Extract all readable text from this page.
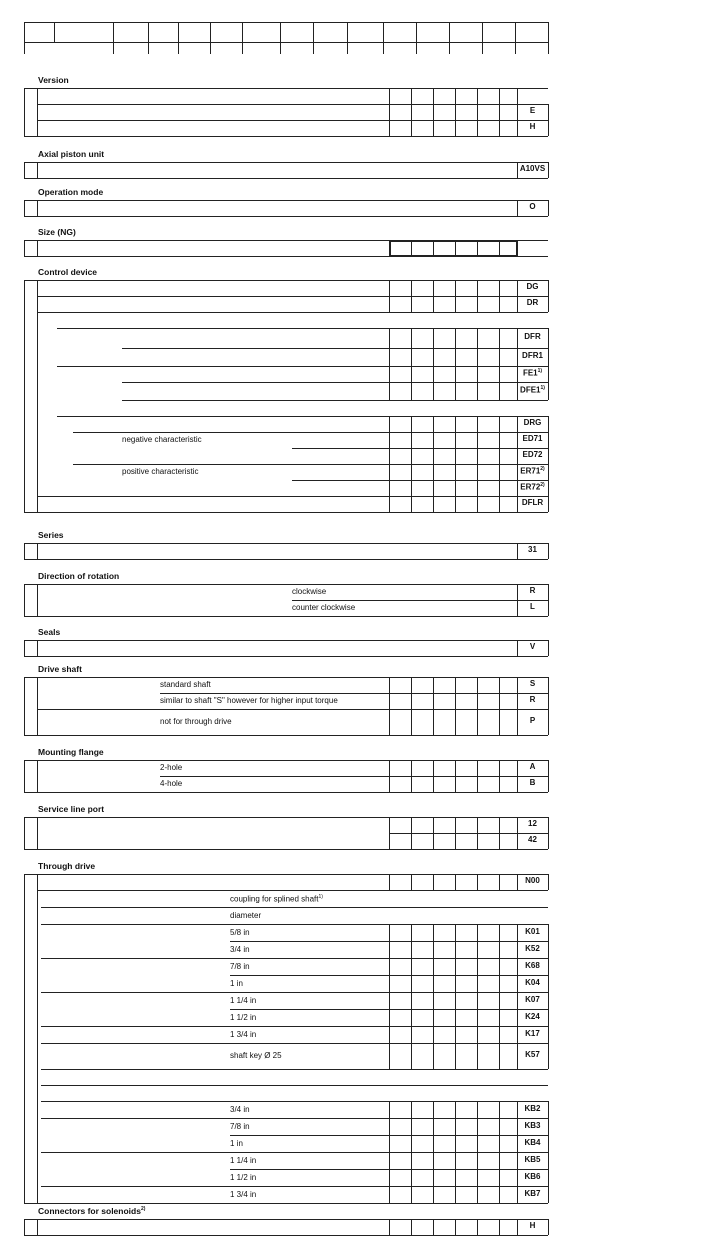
Version
E
H
Axial piston unit
A10VS
Operation mode
O
Size (NG)
Control device
DG
DR
DFR
DFR1
FE1$^{1)}$
DFE1$^{1)}$
DRG
negative characteristic	ED71
ED72
positive characteristic	ER71$^{2)}$
ER72$^{2)}$
DFLR
Series
31
Direction of rotation
clockwise	R
counter clockwise	L
Seals
V
Drive shaft
standard shaft	S
similar to shaft "S" however for higher input torque	R
not for through drive	P
Mounting flange
2-hole	A
4-hole	B
Service line port
12
42
Through drive
N00
coupling for splined shaft$^{1)}$
diameter
5/8 in	K01
3/4 in	K52
7/8 in	K68
1 in	K04
1 1/4 in	K07
1 1/2 in	K24
1 3/4 in	K17
shaft key Ø 25	K57
3/4 in	KB2
7/8 in	KB3
1 in	KB4
1 1/4 in	KB5
1 1/2 in	KB6
1 3/4 in	KB7
Connectors for solenoids$^{2)}$
H
